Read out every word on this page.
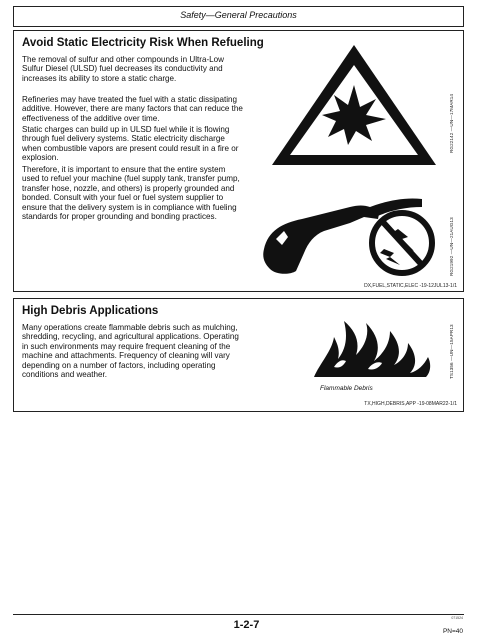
Safety—General Precautions
Avoid Static Electricity Risk When Refueling

The removal of sulfur and other compounds in Ultra-Low Sulfur Diesel (ULSD) fuel decreases its conductivity and increases its ability to store a static charge.

Refineries may have treated the fuel with a static dissipating additive. However, there are many factors that can reduce the effectiveness of the additive over time.

Static charges can build up in ULSD fuel while it is flowing through fuel delivery systems. Static electricity discharge when combustible vapors are present could result in a fire or explosion.

Therefore, it is important to ensure that the entire system used to refuel your machine (fuel supply tank, transfer pump, transfer hose, nozzle, and others) is properly grounded and bonded. Consult with your fuel or fuel system supplier to ensure that the delivery system is in compliance with fueling standards for proper grounding and bonding practices.

RG22142 —UN—17MAR14
RG21992 —UN—21AUG13
DX,FUEL,STATIC,ELEC -19-12JUL13-1/1
High Debris Applications

Many operations create flammable debris such as mulching, shredding, recycling, and agricultural applications. Operating in such environments may require frequent cleaning of the machine and attachments. Frequency of cleaning will vary depending on a number of factors, including operating conditions and weather.	TS1356 —UN—15APR13
Flammable Debris
TX,HIGH,DEBRIS,APP -19-08MAR22-1/1
1-2-7
071524
PN=40
